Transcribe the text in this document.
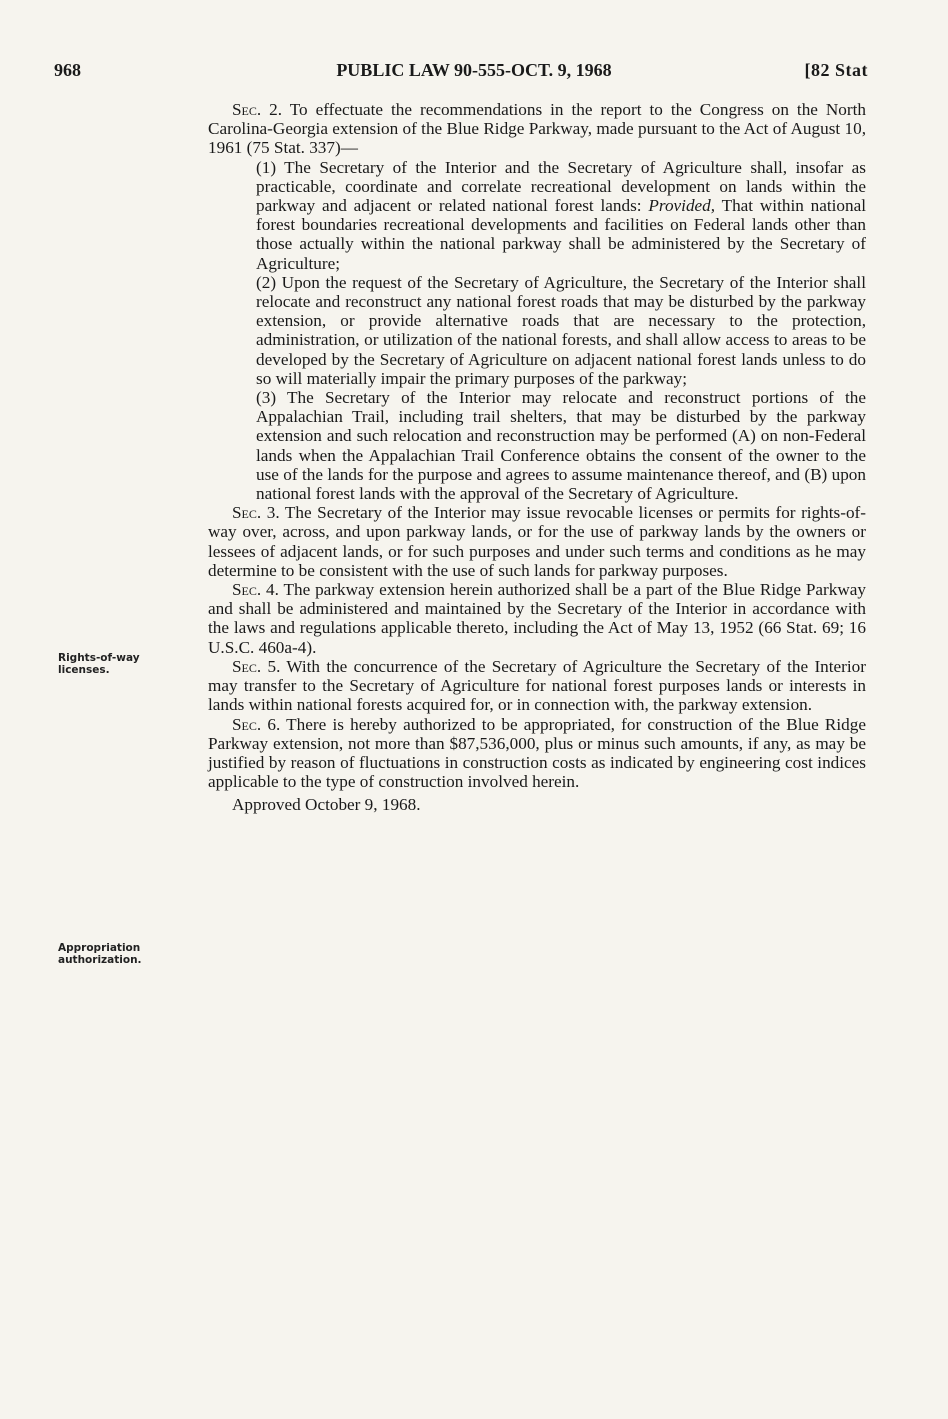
968	PUBLIC LAW 90-555-OCT. 9, 1968	[82 Stat

Rights-of-way licenses.
Appropriation authorization.

Sec. 2. To effectuate the recommendations in the report to the Congress on the North Carolina-Georgia extension of the Blue Ridge Parkway, made pursuant to the Act of August 10, 1961 (75 Stat. 337)—

(1) The Secretary of the Interior and the Secretary of Agriculture shall, insofar as practicable, coordinate and correlate recreational development on lands within the parkway and adjacent or related national forest lands: Provided, That within national forest boundaries recreational developments and facilities on Federal lands other than those actually within the national parkway shall be administered by the Secretary of Agriculture;

(2) Upon the request of the Secretary of Agriculture, the Secretary of the Interior shall relocate and reconstruct any national forest roads that may be disturbed by the parkway extension, or provide alternative roads that are necessary to the protection, administration, or utilization of the national forests, and shall allow access to areas to be developed by the Secretary of Agriculture on adjacent national forest lands unless to do so will materially impair the primary purposes of the parkway;

(3) The Secretary of the Interior may relocate and reconstruct portions of the Appalachian Trail, including trail shelters, that may be disturbed by the parkway extension and such relocation and reconstruction may be performed (A) on non-Federal lands when the Appalachian Trail Conference obtains the consent of the owner to the use of the lands for the purpose and agrees to assume maintenance thereof, and (B) upon national forest lands with the approval of the Secretary of Agriculture.

Sec. 3. The Secretary of the Interior may issue revocable licenses or permits for rights-of-way over, across, and upon parkway lands, or for the use of parkway lands by the owners or lessees of adjacent lands, or for such purposes and under such terms and conditions as he may determine to be consistent with the use of such lands for parkway purposes.

Sec. 4. The parkway extension herein authorized shall be a part of the Blue Ridge Parkway and shall be administered and maintained by the Secretary of the Interior in accordance with the laws and regulations applicable thereto, including the Act of May 13, 1952 (66 Stat. 69; 16 U.S.C. 460a-4).

Sec. 5. With the concurrence of the Secretary of Agriculture the Secretary of the Interior may transfer to the Secretary of Agriculture for national forest purposes lands or interests in lands within national forests acquired for, or in connection with, the parkway extension.

Sec. 6. There is hereby authorized to be appropriated, for construction of the Blue Ridge Parkway extension, not more than $87,536,000, plus or minus such amounts, if any, as may be justified by reason of fluctuations in construction costs as indicated by engineering cost indices applicable to the type of construction involved herein.

Approved October 9, 1968.
